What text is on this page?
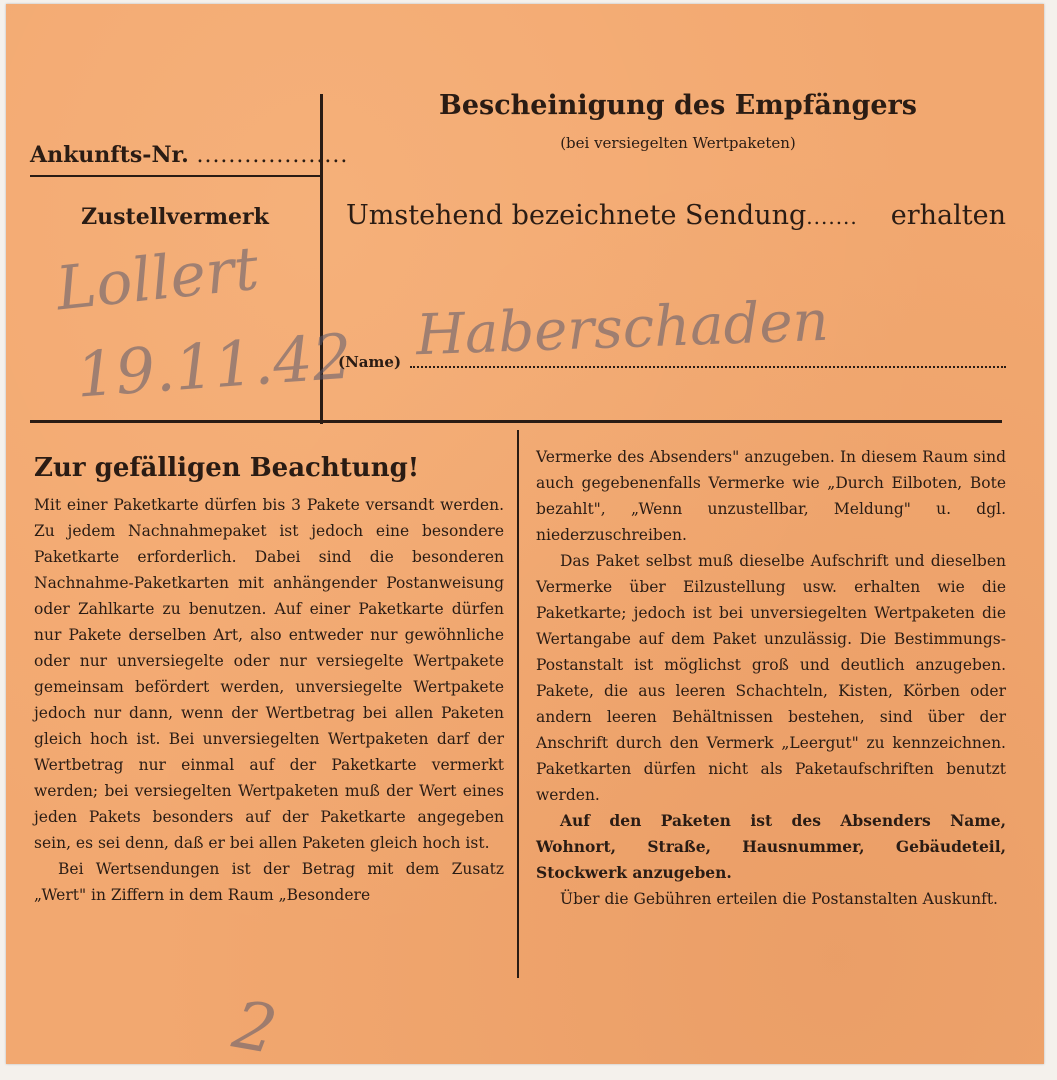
Ankunfts-Nr. ...................
Zustellvermerk
Lollert
19.11.42
Bescheinigung des Empfängers
(bei versiegelten Wertpaketen)
Umstehend bezeichnete Sendung....... erhalten
(Name) Haberschaden
Zur gefälligen Beachtung!

Mit einer Paketkarte dürfen bis 3 Pakete versandt werden. Zu jedem Nachnahmepaket ist jedoch eine besondere Paketkarte erforderlich. Dabei sind die besonderen Nachnahme-Paketkarten mit anhängender Postanweisung oder Zahlkarte zu benutzen. Auf einer Paketkarte dürfen nur Pakete derselben Art, also entweder nur gewöhnliche oder nur unversiegelte oder nur versiegelte Wertpakete gemeinsam befördert werden, unversiegelte Wertpakete jedoch nur dann, wenn der Wertbetrag bei allen Paketen gleich hoch ist. Bei unversiegelten Wertpaketen darf der Wertbetrag nur einmal auf der Paketkarte vermerkt werden; bei versiegelten Wertpaketen muß der Wert eines jeden Pakets besonders auf der Paketkarte angegeben sein, es sei denn, daß er bei allen Paketen gleich hoch ist.

Bei Wertsendungen ist der Betrag mit dem Zusatz „Wert" in Ziffern in dem Raum „Besondere

Vermerke des Absenders" anzugeben. In diesem Raum sind auch gegebenenfalls Vermerke wie „Durch Eilboten, Bote bezahlt", „Wenn unzustellbar, Meldung" u. dgl. niederzuschreiben.

Das Paket selbst muß dieselbe Aufschrift und dieselben Vermerke über Eilzustellung usw. erhalten wie die Paketkarte; jedoch ist bei unversiegelten Wertpaketen die Wertangabe auf dem Paket unzulässig. Die Bestimmungs-Postanstalt ist möglichst groß und deutlich anzugeben. Pakete, die aus leeren Schachteln, Kisten, Körben oder andern leeren Behältnissen bestehen, sind über der Anschrift durch den Vermerk „Leergut" zu kennzeichnen. Paketkarten dürfen nicht als Paketaufschriften benutzt werden.

Auf den Paketen ist des Absenders Name, Wohnort, Straße, Hausnummer, Gebäudeteil, Stockwerk anzugeben.

Über die Gebühren erteilen die Postanstalten Auskunft.

2
